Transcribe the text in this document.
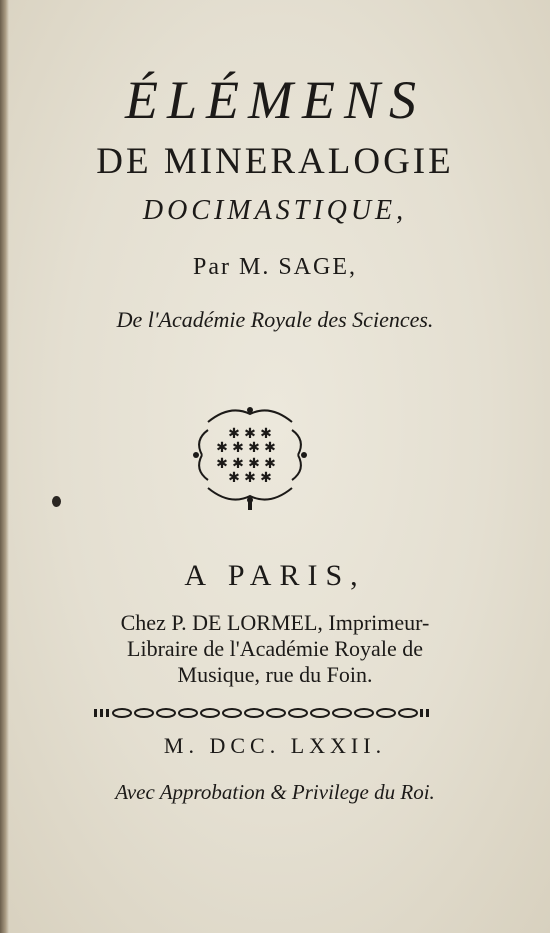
ÉLÉMENS
DE MINERALOGIE
DOCIMASTIQUE,
Par M. SAGE,
De l'Académie Royale des Sciences.
✱ ✱ ✱
✱ ✱ ✱ ✱
✱ ✱ ✱ ✱
✱ ✱ ✱
A PARIS,
Chez P. DE LORMEL, Imprimeur-
Libraire de l'Académie Royale de
Musique, rue du Foin.
M. DCC. LXXII.
Avec Approbation & Privilege du Roi.
